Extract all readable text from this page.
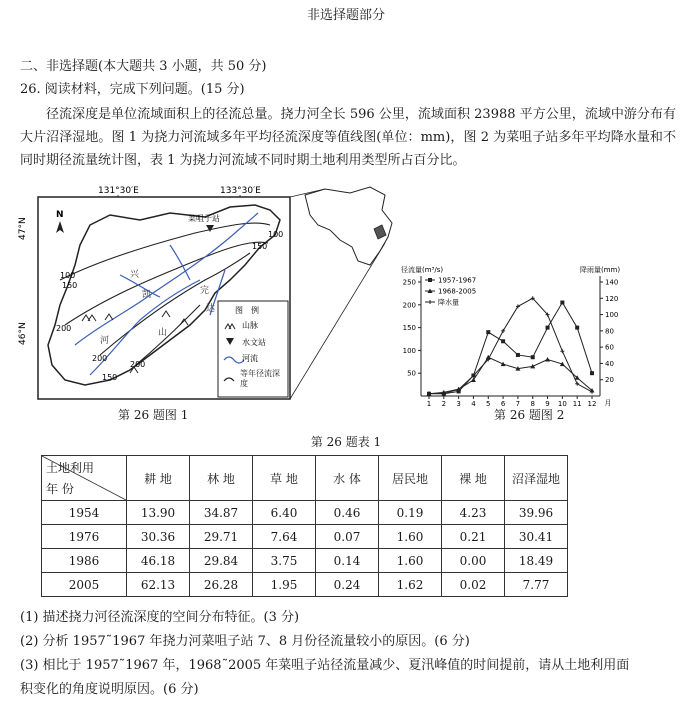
非选择题部分
二、非选择题(本大题共 3 小题，共 50 分)
26. 阅读材料，完成下列问题。(15 分)
径流深度是单位流域面积上的径流总量。挠力河全长 596 公里，流域面积 23988 平方公里，流域中游分布有大片沼泽湿地。图 1 为挠力河流域多年平均径流深度等值线图(单位：mm)，图 2 为菜咀子站多年平均降水量和不同时期径流量统计图，表 1 为挠力河流域不同时期土地利用类型所占百分比。
131°30′E	133°30′E
47°N
46°N
N	菜咀子站
100
150
100
150
200
200
200
150
兴
凯
河
完
达
山
图　例
山脉
水文站
河流
等年径流深度
第 26 题图 1
径流量(m³/s)	降雨量(mm)
月
50
100
150
200
250
20
40
60
80
100
120
140
1 2 3 4 5 6 7 8 9 10 11 12
1957-1967
1968-2005
降水量
第 26 题图 2
第 26 题表 1
土地利用
年 份	耕 地	林 地	草 地	水 体	居民地	裸 地	沼泽湿地
1954	13.90	34.87	6.40	0.46	0.19	4.23	39.96
1976	30.36	29.71	7.64	0.07	1.60	0.21	30.41
1986	46.18	29.84	3.75	0.14	1.60	0.00	18.49
2005	62.13	26.28	1.95	0.24	1.62	0.02	7.77
(1) 描述挠力河径流深度的空间分布特征。(3 分)
(2) 分析 1957˜1967 年挠力河菜咀子站 7、8 月份径流量较小的原因。(6 分)
(3) 相比于 1957˜1967 年，1968˜2005 年菜咀子站径流量减少、夏汛峰值的时间提前，请从土地利用面
积变化的角度说明原因。(6 分)
